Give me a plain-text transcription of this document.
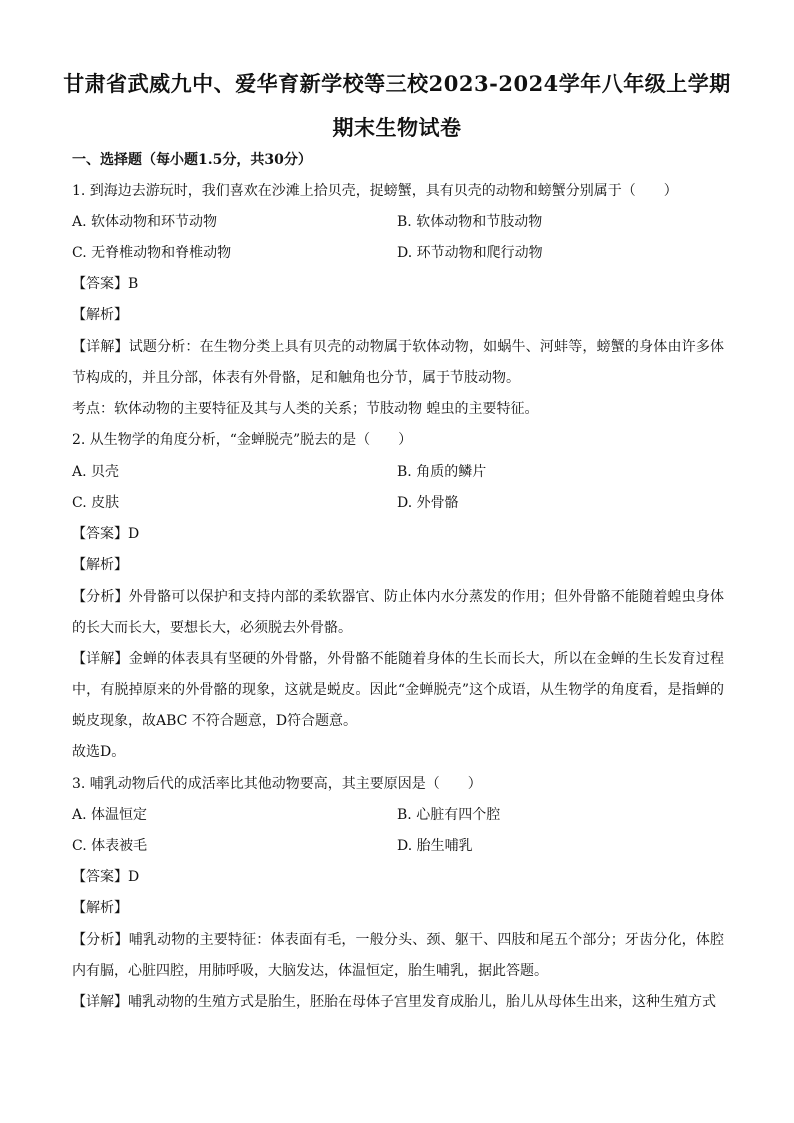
甘肃省武威九中、爱华育新学校等三校2023-2024学年八年级上学期
期末生物试卷
一、选择题（每小题1.5分，共30分）
1. 到海边去游玩时，我们喜欢在沙滩上拾贝壳，捉螃蟹，具有贝壳的动物和螃蟹分别属于（　　）
A. 软体动物和环节动物	B. 软体动物和节肢动物
C. 无脊椎动物和脊椎动物	D. 环节动物和爬行动物
【答案】B
【解析】
【详解】试题分析：在生物分类上具有贝壳的动物属于软体动物，如蜗牛、河蚌等，螃蟹的身体由许多体节构成的，并且分部，体表有外骨骼，足和触角也分节，属于节肢动物。
考点：软体动物的主要特征及其与人类的关系；节肢动物 蝗虫的主要特征。
2. 从生物学的角度分析，“金蝉脱壳”脱去的是（　　）
A. 贝壳	B. 角质的鳞片
C. 皮肤	D. 外骨骼
【答案】D
【解析】
【分析】外骨骼可以保护和支持内部的柔软器官、防止体内水分蒸发的作用；但外骨骼不能随着蝗虫身体的长大而长大，要想长大，必须脱去外骨骼。
【详解】金蝉的体表具有坚硬的外骨骼，外骨骼不能随着身体的生长而长大，所以在金蝉的生长发育过程中，有脱掉原来的外骨骼的现象，这就是蜕皮。因此“金蝉脱壳”这个成语，从生物学的角度看，是指蝉的蜕皮现象，故ABC 不符合题意，D符合题意。
故选D。
3. 哺乳动物后代的成活率比其他动物要高，其主要原因是（　　）
A. 体温恒定	B. 心脏有四个腔
C. 体表被毛	D. 胎生哺乳
【答案】D
【解析】
【分析】哺乳动物的主要特征：体表面有毛，一般分头、颈、躯干、四肢和尾五个部分；牙齿分化，体腔内有膈，心脏四腔，用肺呼吸，大脑发达，体温恒定，胎生哺乳，据此答题。
【详解】哺乳动物的生殖方式是胎生，胚胎在母体子宫里发育成胎儿，胎儿从母体生出来，这种生殖方式
